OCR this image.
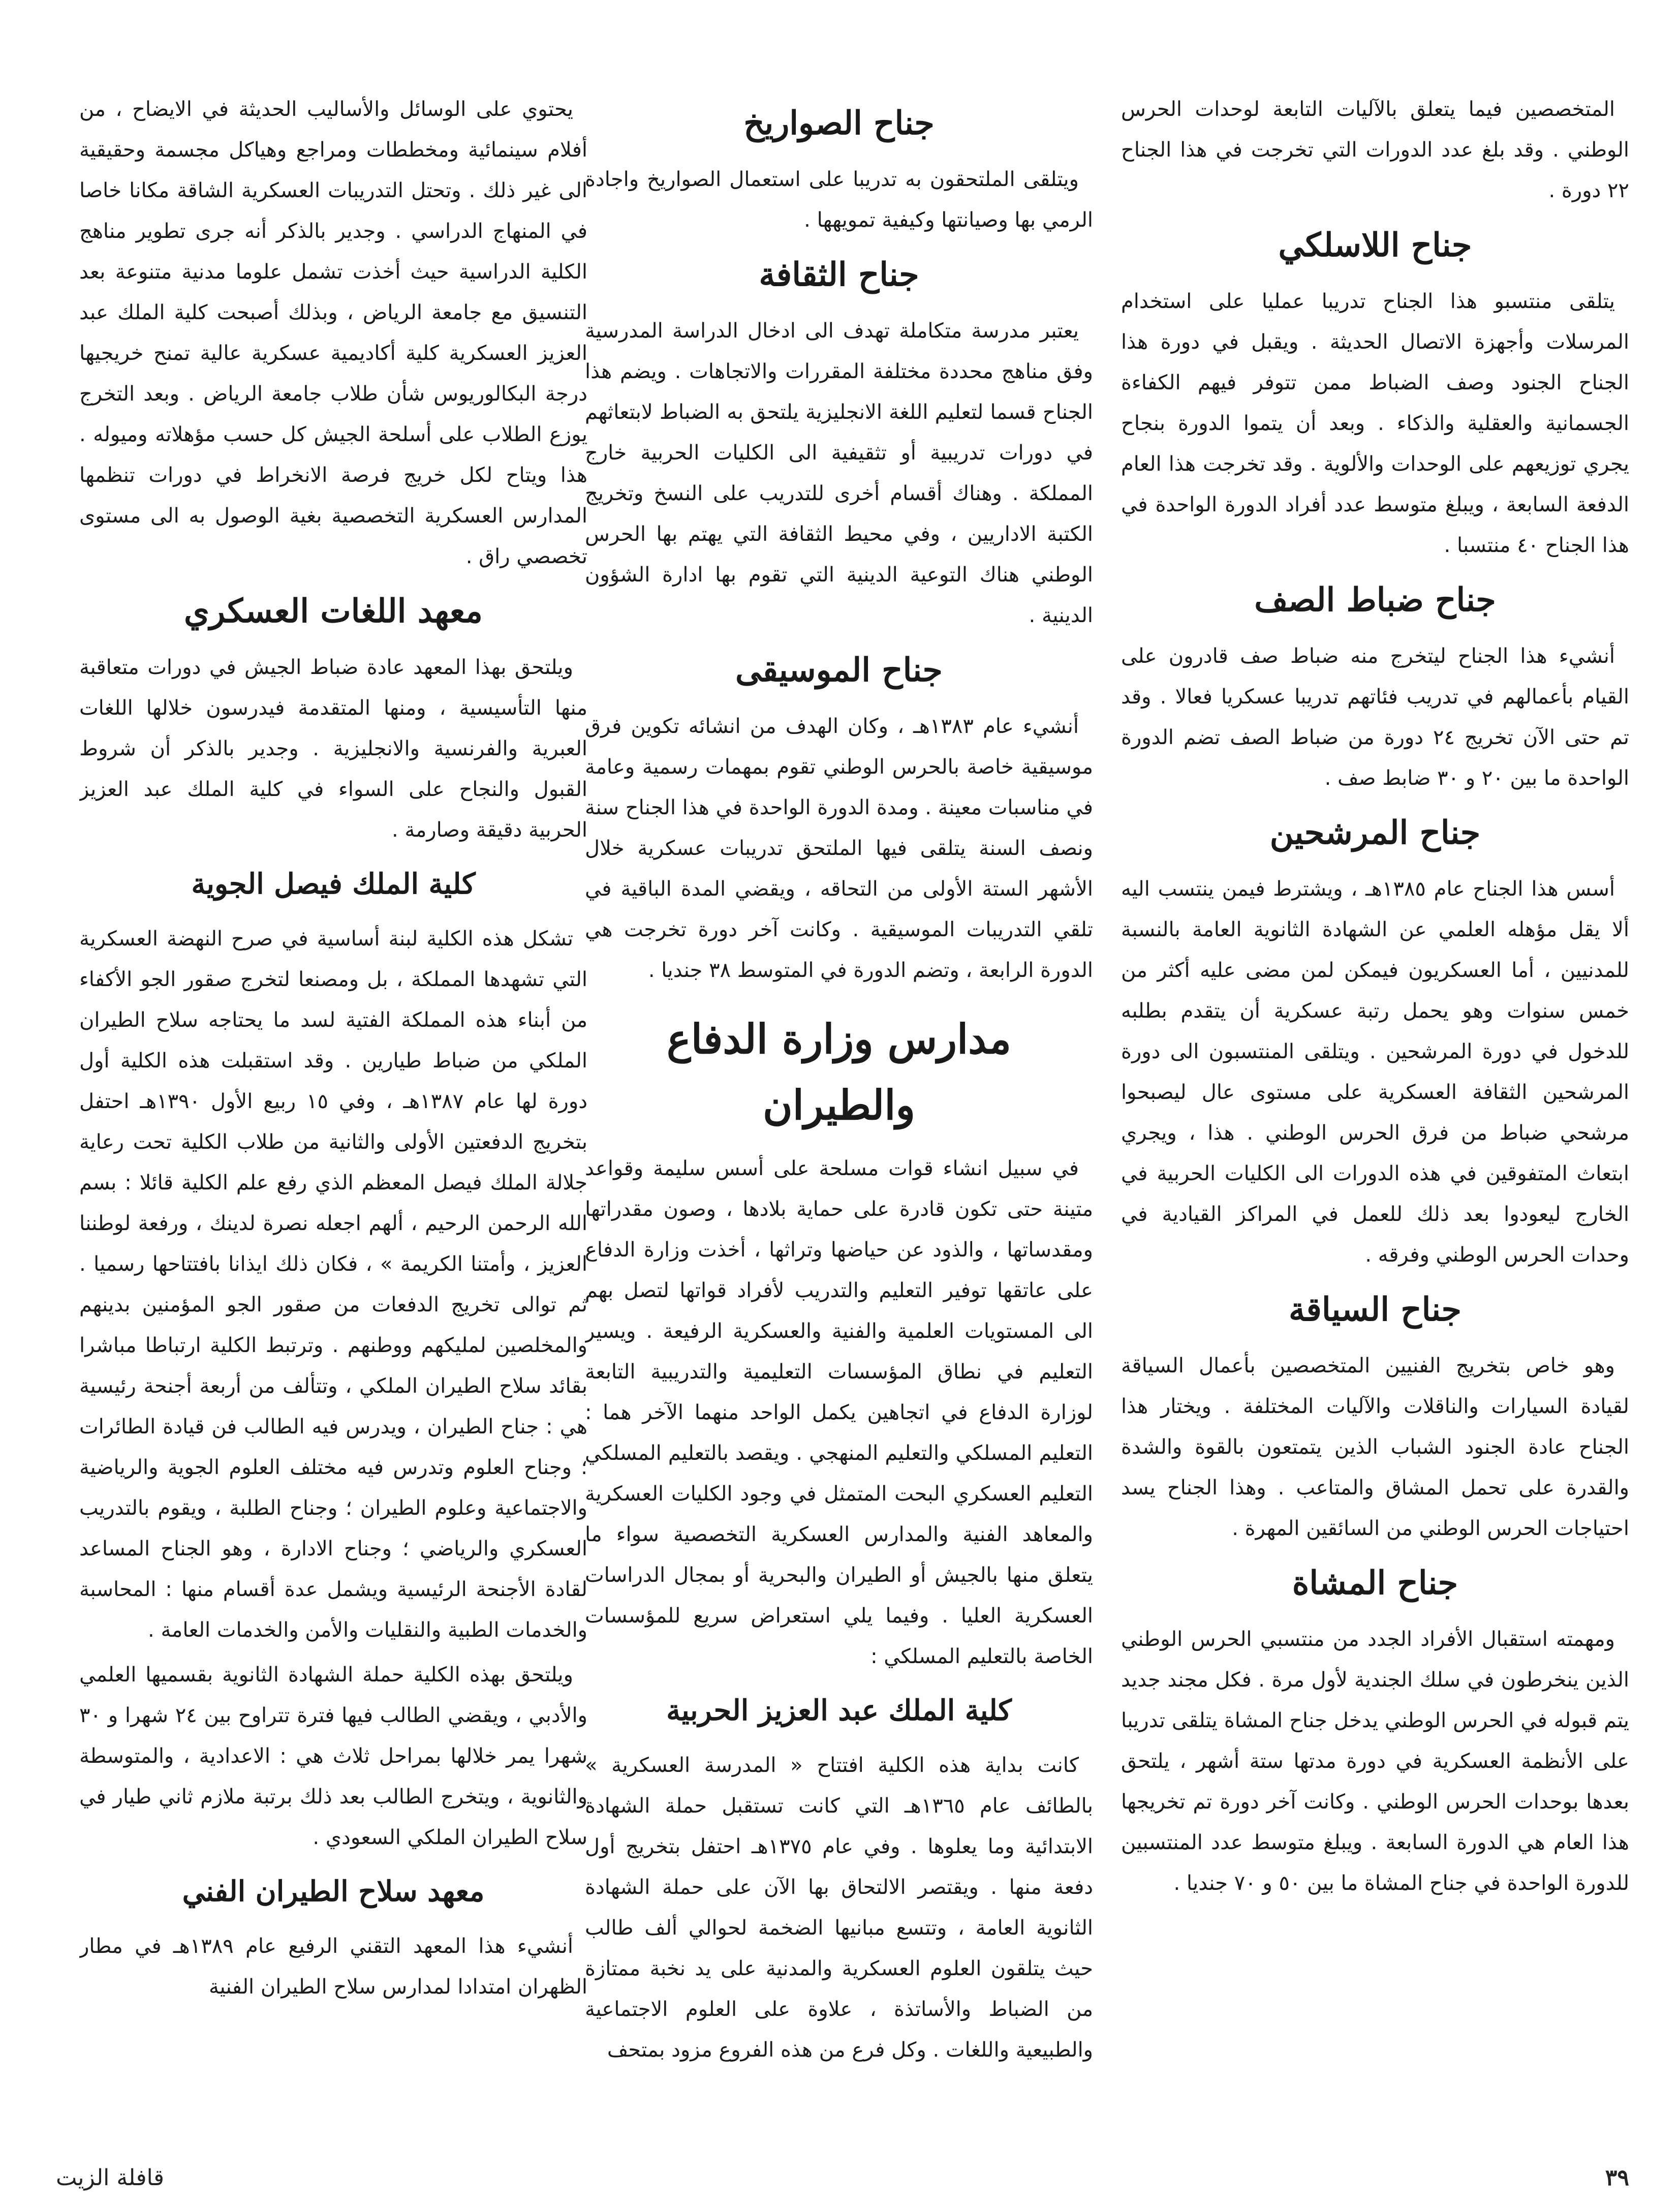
المتخصصين فيما يتعلق بالآليات التابعة لوحدات الحرس الوطني . وقد بلغ عدد الدورات التي تخرجت في هذا الجناح ٢٢ دورة .

جناح اللاسلكي

يتلقى منتسبو هذا الجناح تدريبا عمليا على استخدام المرسلات وأجهزة الاتصال الحديثة . ويقبل في دورة هذا الجناح الجنود وصف الضباط ممن تتوفر فيهم الكفاءة الجسمانية والعقلية والذكاء . وبعد أن يتموا الدورة بنجاح يجري توزيعهم على الوحدات والألوية . وقد تخرجت هذا العام الدفعة السابعة ، ويبلغ متوسط عدد أفراد الدورة الواحدة في هذا الجناح ٤٠ منتسبا .

جناح ضباط الصف

أنشيء هذا الجناح ليتخرج منه ضباط صف قادرون على القيام بأعمالهم في تدريب فئاتهم تدريبا عسكريا فعالا . وقد تم حتى الآن تخريج ٢٤ دورة من ضباط الصف تضم الدورة الواحدة ما بين ٢٠ و ٣٠ ضابط صف .

جناح المرشحين

أسس هذا الجناح عام ١٣٨٥هـ ، ويشترط فيمن ينتسب اليه ألا يقل مؤهله العلمي عن الشهادة الثانوية العامة بالنسبة للمدنيين ، أما العسكريون فيمكن لمن مضى عليه أكثر من خمس سنوات وهو يحمل رتبة عسكرية أن يتقدم بطلبه للدخول في دورة المرشحين . ويتلقى المنتسبون الى دورة المرشحين الثقافة العسكرية على مستوى عال ليصبحوا مرشحي ضباط من فرق الحرس الوطني . هذا ، ويجري ابتعاث المتفوقين في هذه الدورات الى الكليات الحربية في الخارج ليعودوا بعد ذلك للعمل في المراكز القيادية في وحدات الحرس الوطني وفرقه .

جناح السياقة

وهو خاص بتخريج الفنيين المتخصصين بأعمال السياقة لقيادة السيارات والناقلات والآليات المختلفة . ويختار هذا الجناح عادة الجنود الشباب الذين يتمتعون بالقوة والشدة والقدرة على تحمل المشاق والمتاعب . وهذا الجناح يسد احتياجات الحرس الوطني من السائقين المهرة .

جناح المشاة

ومهمته استقبال الأفراد الجدد من منتسبي الحرس الوطني الذين ينخرطون في سلك الجندية لأول مرة . فكل مجند جديد يتم قبوله في الحرس الوطني يدخل جناح المشاة يتلقى تدريبا على الأنظمة العسكرية في دورة مدتها ستة أشهر ، يلتحق بعدها بوحدات الحرس الوطني . وكانت آخر دورة تم تخريجها هذا العام هي الدورة السابعة . ويبلغ متوسط عدد المنتسبين للدورة الواحدة في جناح المشاة ما بين ٥٠ و ٧٠ جنديا .

جناح الصواريخ

ويتلقى الملتحقون به تدريبا على استعمال الصواريخ واجادة الرمي بها وصيانتها وكيفية تمويهها .

جناح الثقافة

يعتبر مدرسة متكاملة تهدف الى ادخال الدراسة المدرسية وفق مناهج محددة مختلفة المقررات والاتجاهات . ويضم هذا الجناح قسما لتعليم اللغة الانجليزية يلتحق به الضباط لابتعاثهم في دورات تدريبية أو تثقيفية الى الكليات الحربية خارج المملكة . وهناك أقسام أخرى للتدريب على النسخ وتخريج الكتبة الاداريين ، وفي محيط الثقافة التي يهتم بها الحرس الوطني هناك التوعية الدينية التي تقوم بها ادارة الشؤون الدينية .

جناح الموسيقى

أنشيء عام ١٣٨٣هـ ، وكان الهدف من انشائه تكوين فرق موسيقية خاصة بالحرس الوطني تقوم بمهمات رسمية وعامة في مناسبات معينة . ومدة الدورة الواحدة في هذا الجناح سنة ونصف السنة يتلقى فيها الملتحق تدريبات عسكرية خلال الأشهر الستة الأولى من التحاقه ، ويقضي المدة الباقية في تلقي التدريبات الموسيقية . وكانت آخر دورة تخرجت هي الدورة الرابعة ، وتضم الدورة في المتوسط ٣٨ جنديا .

مدارس وزارة الدفاع والطيران

في سبيل انشاء قوات مسلحة على أسس سليمة وقواعد متينة حتى تكون قادرة على حماية بلادها ، وصون مقدراتها ومقدساتها ، والذود عن حياضها وتراثها ، أخذت وزارة الدفاع على عاتقها توفير التعليم والتدريب لأفراد قواتها لتصل بهم الى المستويات العلمية والفنية والعسكرية الرفيعة . ويسير التعليم في نطاق المؤسسات التعليمية والتدريبية التابعة لوزارة الدفاع في اتجاهين يكمل الواحد منهما الآخر هما : التعليم المسلكي والتعليم المنهجي . ويقصد بالتعليم المسلكي التعليم العسكري البحت المتمثل في وجود الكليات العسكرية والمعاهد الفنية والمدارس العسكرية التخصصية سواء ما يتعلق منها بالجيش أو الطيران والبحرية أو بمجال الدراسات العسكرية العليا . وفيما يلي استعراض سريع للمؤسسات الخاصة بالتعليم المسلكي :

كلية الملك عبد العزيز الحربية

كانت بداية هذه الكلية افتتاح « المدرسة العسكرية » بالطائف عام ١٣٦٥هـ التي كانت تستقبل حملة الشهادة الابتدائية وما يعلوها . وفي عام ١٣٧٥هـ احتفل بتخريج أول دفعة منها . ويقتصر الالتحاق بها الآن على حملة الشهادة الثانوية العامة ، وتتسع مبانيها الضخمة لحوالي ألف طالب حيث يتلقون العلوم العسكرية والمدنية على يد نخبة ممتازة من الضباط والأساتذة ، علاوة على العلوم الاجتماعية والطبيعية واللغات . وكل فرع من هذه الفروع مزود بمتحف

يحتوي على الوسائل والأساليب الحديثة في الايضاح ، من أفلام سينمائية ومخططات ومراجع وهياكل مجسمة وحقيقية الى غير ذلك . وتحتل التدريبات العسكرية الشاقة مكانا خاصا في المنهاج الدراسي . وجدير بالذكر أنه جرى تطوير مناهج الكلية الدراسية حيث أخذت تشمل علوما مدنية متنوعة بعد التنسيق مع جامعة الرياض ، وبذلك أصبحت كلية الملك عبد العزيز العسكرية كلية أكاديمية عسكرية عالية تمنح خريجيها درجة البكالوريوس شأن طلاب جامعة الرياض . وبعد التخرج يوزع الطلاب على أسلحة الجيش كل حسب مؤهلاته وميوله . هذا ويتاح لكل خريج فرصة الانخراط في دورات تنظمها المدارس العسكرية التخصصية بغية الوصول به الى مستوى تخصصي راق .

معهد اللغات العسكري

ويلتحق بهذا المعهد عادة ضباط الجيش في دورات متعاقبة منها التأسيسية ، ومنها المتقدمة فيدرسون خلالها اللغات العبرية والفرنسية والانجليزية . وجدير بالذكر أن شروط القبول والنجاح على السواء في كلية الملك عبد العزيز الحربية دقيقة وصارمة .

كلية الملك فيصل الجوية

تشكل هذه الكلية لبنة أساسية في صرح النهضة العسكرية التي تشهدها المملكة ، بل ومصنعا لتخرج صقور الجو الأكفاء من أبناء هذه المملكة الفتية لسد ما يحتاجه سلاح الطيران الملكي من ضباط طيارين . وقد استقبلت هذه الكلية أول دورة لها عام ١٣٨٧هـ ، وفي ١٥ ربيع الأول ١٣٩٠هـ احتفل بتخريج الدفعتين الأولى والثانية من طلاب الكلية تحت رعاية جلالة الملك فيصل المعظم الذي رفع علم الكلية قائلا : بسم الله الرحمن الرحيم ، ألهم اجعله نصرة لدينك ، ورفعة لوطننا العزيز ، وأمتنا الكريمة » ، فكان ذلك ايذانا بافتتاحها رسميا . ثم توالى تخريج الدفعات من صقور الجو المؤمنين بدينهم والمخلصين لمليكهم ووطنهم . وترتبط الكلية ارتباطا مباشرا بقائد سلاح الطيران الملكي ، وتتألف من أربعة أجنحة رئيسية هي : جناح الطيران ، ويدرس فيه الطالب فن قيادة الطائرات ؛ وجناح العلوم وتدرس فيه مختلف العلوم الجوية والرياضية والاجتماعية وعلوم الطيران ؛ وجناح الطلبة ، ويقوم بالتدريب العسكري والرياضي ؛ وجناح الادارة ، وهو الجناح المساعد لقادة الأجنحة الرئيسية ويشمل عدة أقسام منها : المحاسبة والخدمات الطبية والنقليات والأمن والخدمات العامة .

ويلتحق بهذه الكلية حملة الشهادة الثانوية بقسميها العلمي والأدبي ، ويقضي الطالب فيها فترة تتراوح بين ٢٤ شهرا و ٣٠ شهرا يمر خلالها بمراحل ثلاث هي : الاعدادية ، والمتوسطة والثانوية ، ويتخرج الطالب بعد ذلك برتبة ملازم ثاني طيار في سلاح الطيران الملكي السعودي .

معهد سلاح الطيران الفني

أنشيء هذا المعهد التقني الرفيع عام ١٣٨٩هـ في مطار الظهران امتدادا لمدارس سلاح الطيران الفنية

٣٩
قافلة الزيت
